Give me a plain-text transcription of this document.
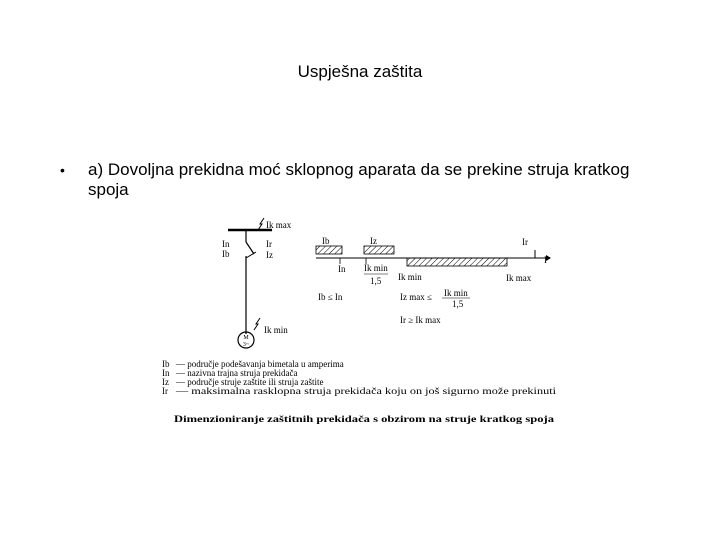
Uspješna zaštita
• a) Dovoljna prekidna moć sklopnog aparata da se prekine struja kratkog
spoja
M
3~
Ik max
In
Ib
Ir
Iz
Ik min
Ib	Iz	Ir
I
In Ik min
1,5 Ik min	Ik max
Ib ≤ In	Iz max ≤ Ik min
1,5
Ir ≥ Ik max
Ib — područje podešavanja bimetala u amperima
In — nazivna trajna struja prekidača
Iz — područje struje zaštite ili struja zaštite
Ir — maksimalna rasklopna struja prekidača koju on još sigurno može prekinuti
Dimenzioniranje zaštitnih prekidača s obzirom na struje kratkog spoja
